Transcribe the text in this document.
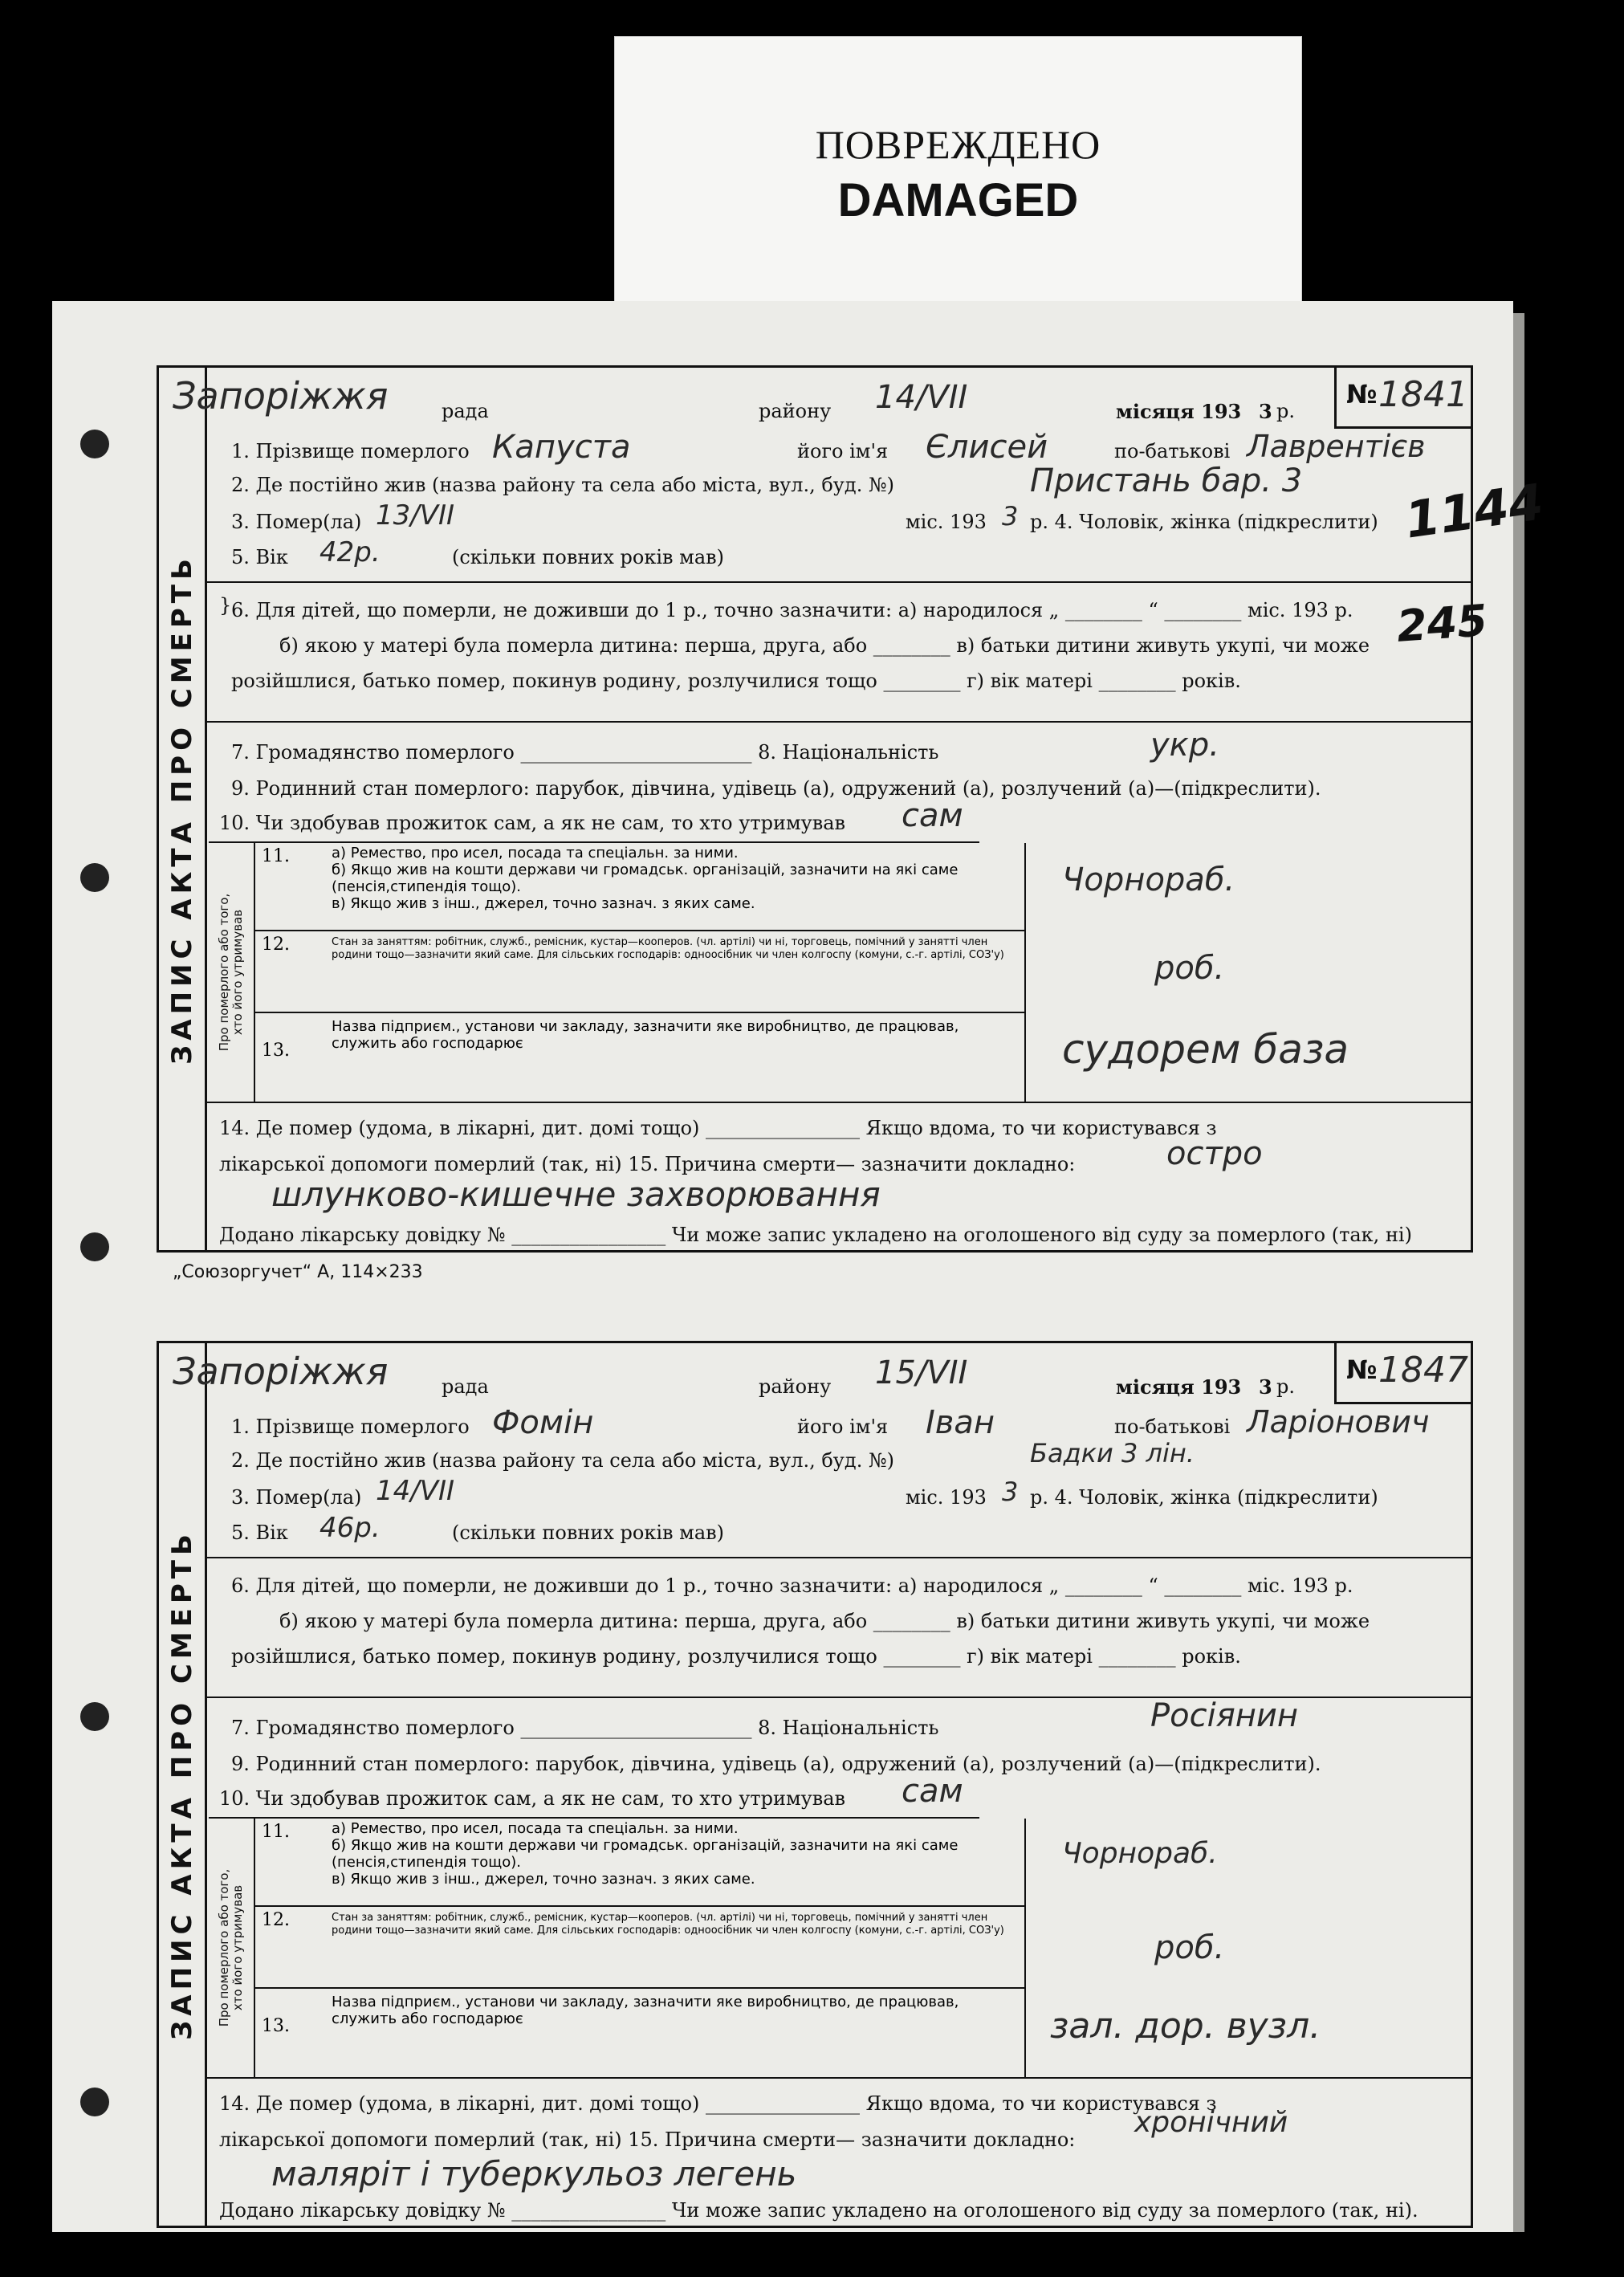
ПОВРЕЖДЕНО
DAMAGED
1144
245
„Союзоргучет“ А, 114×233
ЗАПИС АКТА ПРО СМЕРТЬ
№ 1841
Запоріжжя	рада	району 14/VII	місяця 193 3 р.
1. Прізвище померлого Капуста	його ім'я Єлисей	по-батькові Лаврентієв
2. Де постійно жив (назва району та села або міста, вул., буд. №)	Пристань бар. 3
3. Помер(ла) 13/VII	міс. 193 3 р. 4. Чоловік, жінка (підкреслити)
5. Вік 42р.	(скільки повних років мав)
6. Для дітей, що померли, не доживши до 1 р., точно зазначити: а) народилося „ ________ “ ________ міс. 193 р.
б) якою у матері була померла дитина: перша, друга, або ________ в) батьки дитини живуть укупі, чи може
розійшлися, батько помер, покинув родину, розлучилися тощо ________ г) вік матері ________ років.
}
7. Громадянство померлого ________________________ 8. Національність	укр.
9. Родинний стан померлого: парубок, дівчина, удівець (а), одружений (а), розлучений (а)—(підкреслити).
10. Чи здобував прожиток сам, а як не сам, то хто утримував сам
Про померлого або того, хто його утримував
11.	а) Ремество, про исел, посада та спеціальн. за ними.
б) Якщо жив на кошти держави чи громадськ. організацій, зазначити на які саме (пенсія,стипендія тощо).
в) Якщо жив з інш., джерел, точно зазнач. з яких саме.
Чорнораб.
12.	Стан за заняттям: робітник, служб., ремісник, кустар—кооперов. (чл. артілі) чи ні, торговець, помічний у занятті член родини тощо—зазначити який саме. Для сільських господарів: одноосібник чи член колгоспу (комуни, с.-г. артілі, СОЗ'у)	роб.
13.
Назва підприєм., установи чи закладу, зазначити яке виробництво, де працював, служить або господарює	судорем база
14. Де помер (удома, в лікарні, дит. домі тощо) ________________ Якщо вдома, то чи користувався з
лікарської допомоги померлий (так, ні) 15. Причина смерти— зазначити докладно:	остро
шлунково-кишечне захворювання
Додано лікарську довідку № ________________ Чи може запис укладено на оголошеного від суду за померлого (так, ні)
ЗАПИС АКТА ПРО СМЕРТЬ
№ 1847
Запоріжжя	рада	району 15/VII	місяця 193 3 р.
1. Прізвище померлого Фомін	його ім'я Іван	по-батькові Ларіонович
2. Де постійно жив (назва району та села або міста, вул., буд. №)	Бадки 3 лін.
3. Помер(ла) 14/VII	міс. 193 3 р. 4. Чоловік, жінка (підкреслити)
5. Вік 46р.	(скільки повних років мав)
6. Для дітей, що померли, не доживши до 1 р., точно зазначити: а) народилося „ ________ “ ________ міс. 193 р.
б) якою у матері була померла дитина: перша, друга, або ________ в) батьки дитини живуть укупі, чи може
розійшлися, батько помер, покинув родину, розлучилися тощо ________ г) вік матері ________ років.
7. Громадянство померлого ________________________ 8. Національність	Росіянин
9. Родинний стан померлого: парубок, дівчина, удівець (а), одружений (а), розлучений (а)—(підкреслити).
10. Чи здобував прожиток сам, а як не сам, то хто утримував сам
Про померлого або того, хто його утримував
11.	а) Ремество, про исел, посада та спеціальн. за ними.
б) Якщо жив на кошти держави чи громадськ. організацій, зазначити на які саме (пенсія,стипендія тощо).
в) Якщо жив з інш., джерел, точно зазнач. з яких саме.
Чорнораб.
12.	Стан за заняттям: робітник, служб., ремісник, кустар—кооперов. (чл. артілі) чи ні, торговець, помічний у занятті член родини тощо—зазначити який саме. Для сільських господарів: одноосібник чи член колгоспу (комуни, с.-г. артілі, СОЗ'у)	роб.
13.
Назва підприєм., установи чи закладу, зазначити яке виробництво, де працював, служить або господарює	зал. дор. вузл.
14. Де помер (удома, в лікарні, дит. домі тощо) ________________ Якщо вдома, то чи користувався з
лікарської допомоги померлий (так, ні) 15. Причина смерти— зазначити докладно:
хронічний
маляріт і туберкульоз легень
Додано лікарську довідку № ________________ Чи може запис укладено на оголошеного від суду за померлого (так, ні).
